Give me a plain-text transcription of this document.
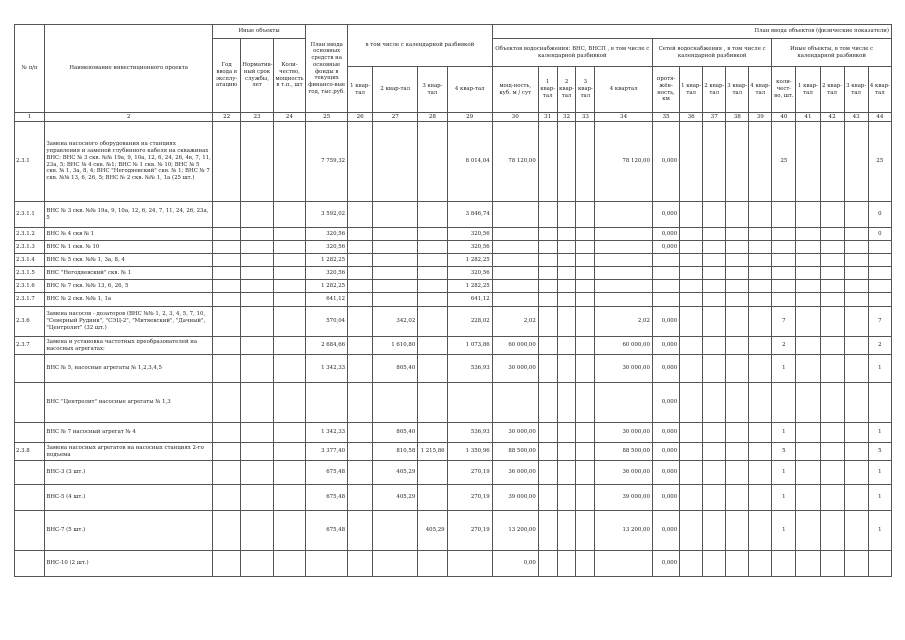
№ п/п	Наименование инвестиционного проекта	Иные объекты			План ввода основных средств на основные фонды в текущих финансо-вые год, тыс.руб.	в том числе с календарной разбивкой				План ввода объектов (физические показатели)														
		Год ввода в эксплу-атацию	Норматив-ный срок службы, лет	Коли-чество, мощность в т.п., шт						Объектов водоснабжения: ВНС, ВНСП , в том числе с календарной разбивкой					Сетей водоснабжения , в том числе с календарной разбивкой					Иные объекты, в том числе с календарной разбивкой				
						1 квар-тал	2 квар-тал	3 квар-тал	4 квар-тал	мощ-ность, куб. м / сут	1 квар-тал	2 квар-тал	3 квар-тал	4 квартал	протя-жён-ность, км	1 квар-тал	2 квар-тал	3 квар-тал	4 квар-тал	коли-чест-во, шт.	1 квар-тал	2 квар-тал	3 квар-тал	4 квар-тал
1	2	22	23	24	25	26	27	28	29	30	31	32	33	34	35	36	37	38	39	40	41	42	43	44
2.3.1	Замена насосного оборудования на станциях управления и заменой глубинного кабеля на скважинах ВНС: ВНС № 3 скв. №№ 19а, 9, 10а, 12, 6, 24, 26, 4в, 7, 11, 23а, 5; ВНС № 4 скв. №1; ВНС № 1 скв. № 10; ВНС № 5 скв. № 1, 3а, 8, 4; ВНС "Негодяевский" скв. № 1; ВНС № 7 скв. №№ 13, 6, 26, 5; ВНС № 2 скв. №№ 1, 1а (25 шт.)				7 759,32				8 014,04	78 120,00				78 120,00	0,000					25				25
2.3.1.1	ВНС № 3 скв. №№ 19а, 9, 10а, 12, 6, 24, 7, 11, 24, 26, 23а, 5				3 592,02				3 846,74						0,000									0
2.3.1.2	ВНС № 4 скв № 1				320,56				320,56						0,000									0
2.3.1.3	ВНС № 1 скв. № 10				320,56				320,56						0,000									
2.3.1.4	ВНС № 5 скв. №№ 1, 3а, 8, 4				1 282,25				1 282,25															
2.3.1.5	ВНС "Негодяевский" скв. № 1				320,56				320,56															
2.3.1.6	ВНС № 7 скв. №№ 13, 6, 26, 5				1 282,25				1 282,25															
2.3.1.7	ВНС № 2 скв. №№ 1, 1а				641,12				641,12															
2.3.6	Замена насосов - дозаторов (ВНС №№ 1, 2, 3, 4, 5, 7, 10, "Северный Рудник", "СЭЦ-2", "Митяевский", "Дачный", "Центролит" (32 шт.)				570,04		342,02		228,02	2,02				2,02	0,000					7				7
2.3.7	Замена и установка частотных преобразователей на насосных агрегатах:				2 684,66		1 610,80		1 073,86	60 000,00				60 000,00	0,000					2				2
	ВНС № 5, насосные агрегаты № 1,2,3,4,5				1 342,33		805,40		536,93	30 000,00				30 000,00	0,000					1				1
	ВНС "Центролит" насосные агрегаты № 1,3														0,000									
	ВНС № 7 насосный агрегат № 4				1 342,33		805,40		536,93	30 000,00				30 000,00	0,000					1				1
2.3.8	Замена насосных агрегатов на насосных станциях 2-го подъема				3 377,40		810,58	1 215,86	1 350,96	88 500,00				88 500,00	0,000					5				5
	ВНС-3 (3 шт.)				675,48		405,29		270,19	36 000,00				36 000,00	0,000					1				1
	ВНС-5 (4 шт.)				675,48		405,29		270,19	39 000,00				39 000,00	0,000					1				1
	ВНС-7 (5 шт.)				675,48			405,29	270,19	13 200,00				13 200,00	0,000					1				1
	ВНС-10 (2 шт.)									0,00					0,000									
